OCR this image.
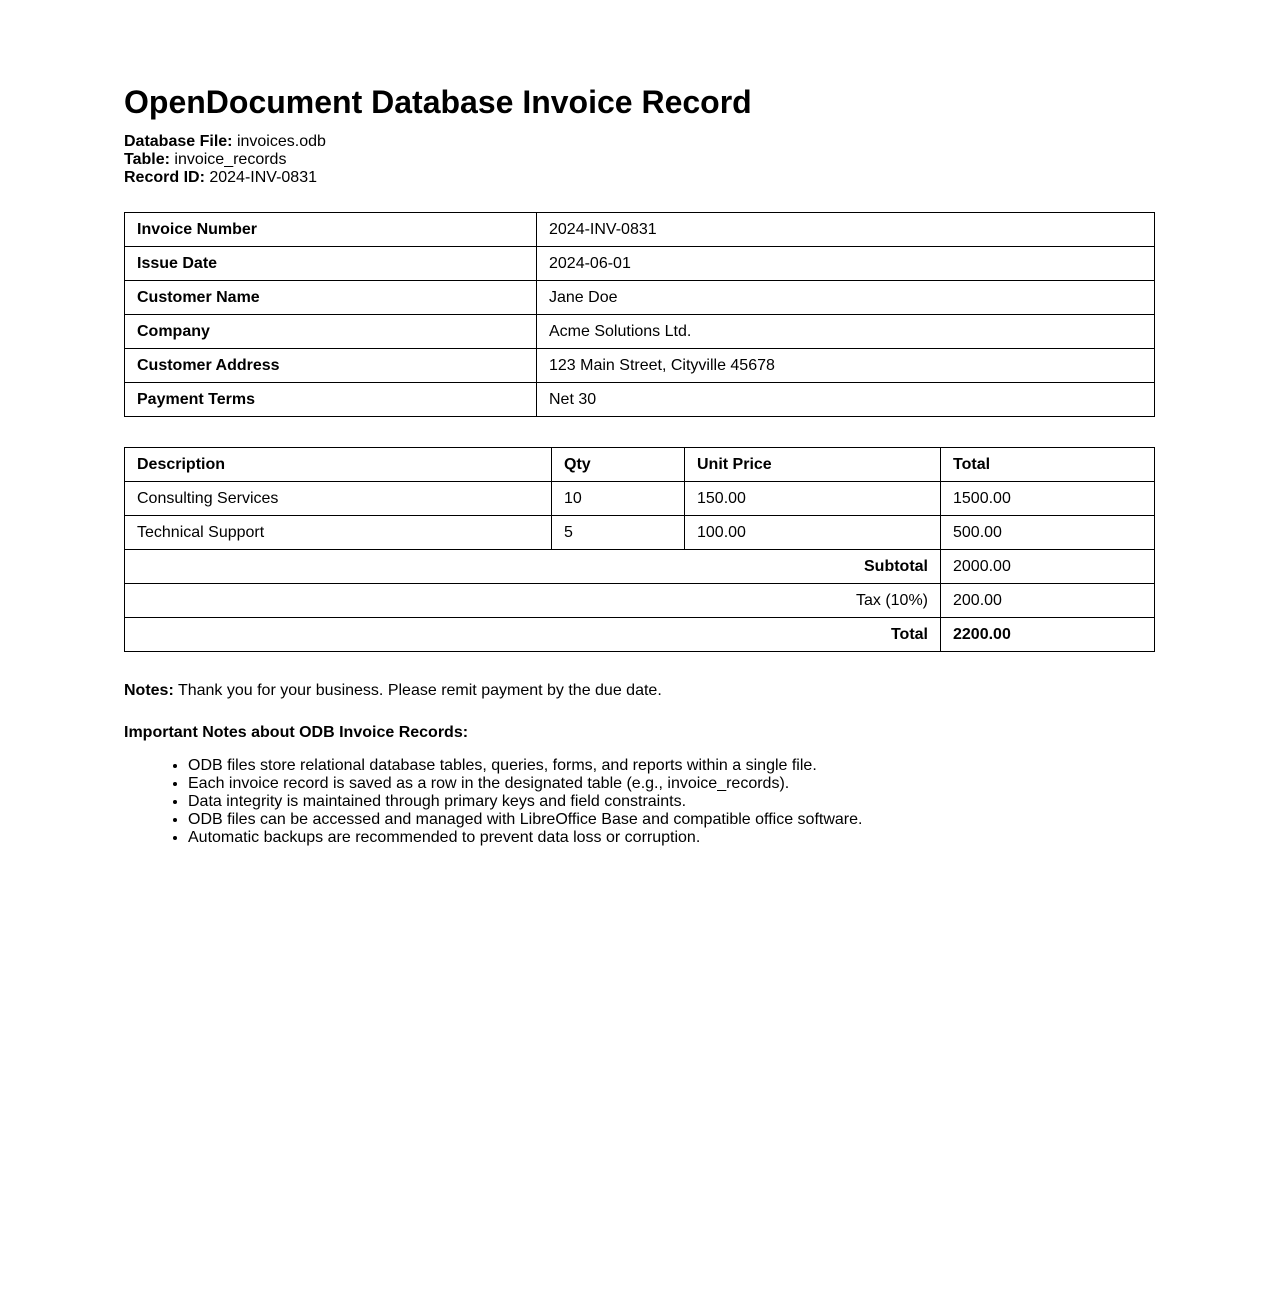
OpenDocument Database Invoice Record
Database File: invoices.odb
Table: invoice_records
Record ID: 2024-INV-0831
Invoice Number	2024-INV-0831
Issue Date	2024-06-01
Customer Name	Jane Doe
Company	Acme Solutions Ltd.
Customer Address	123 Main Street, Cityville 45678
Payment Terms	Net 30
Description	Qty	Unit Price	Total
Consulting Services	10	150.00	1500.00
Technical Support	5	100.00	500.00
Subtotal			2000.00
Tax (10%)			200.00
Total			2200.00
Notes: Thank you for your business. Please remit payment by the due date.
Important Notes about ODB Invoice Records:
• ODB files store relational database tables, queries, forms, and reports within a single file.
• Each invoice record is saved as a row in the designated table (e.g., invoice_records).
• Data integrity is maintained through primary keys and field constraints.
• ODB files can be accessed and managed with LibreOffice Base and compatible office software.
• Automatic backups are recommended to prevent data loss or corruption.
